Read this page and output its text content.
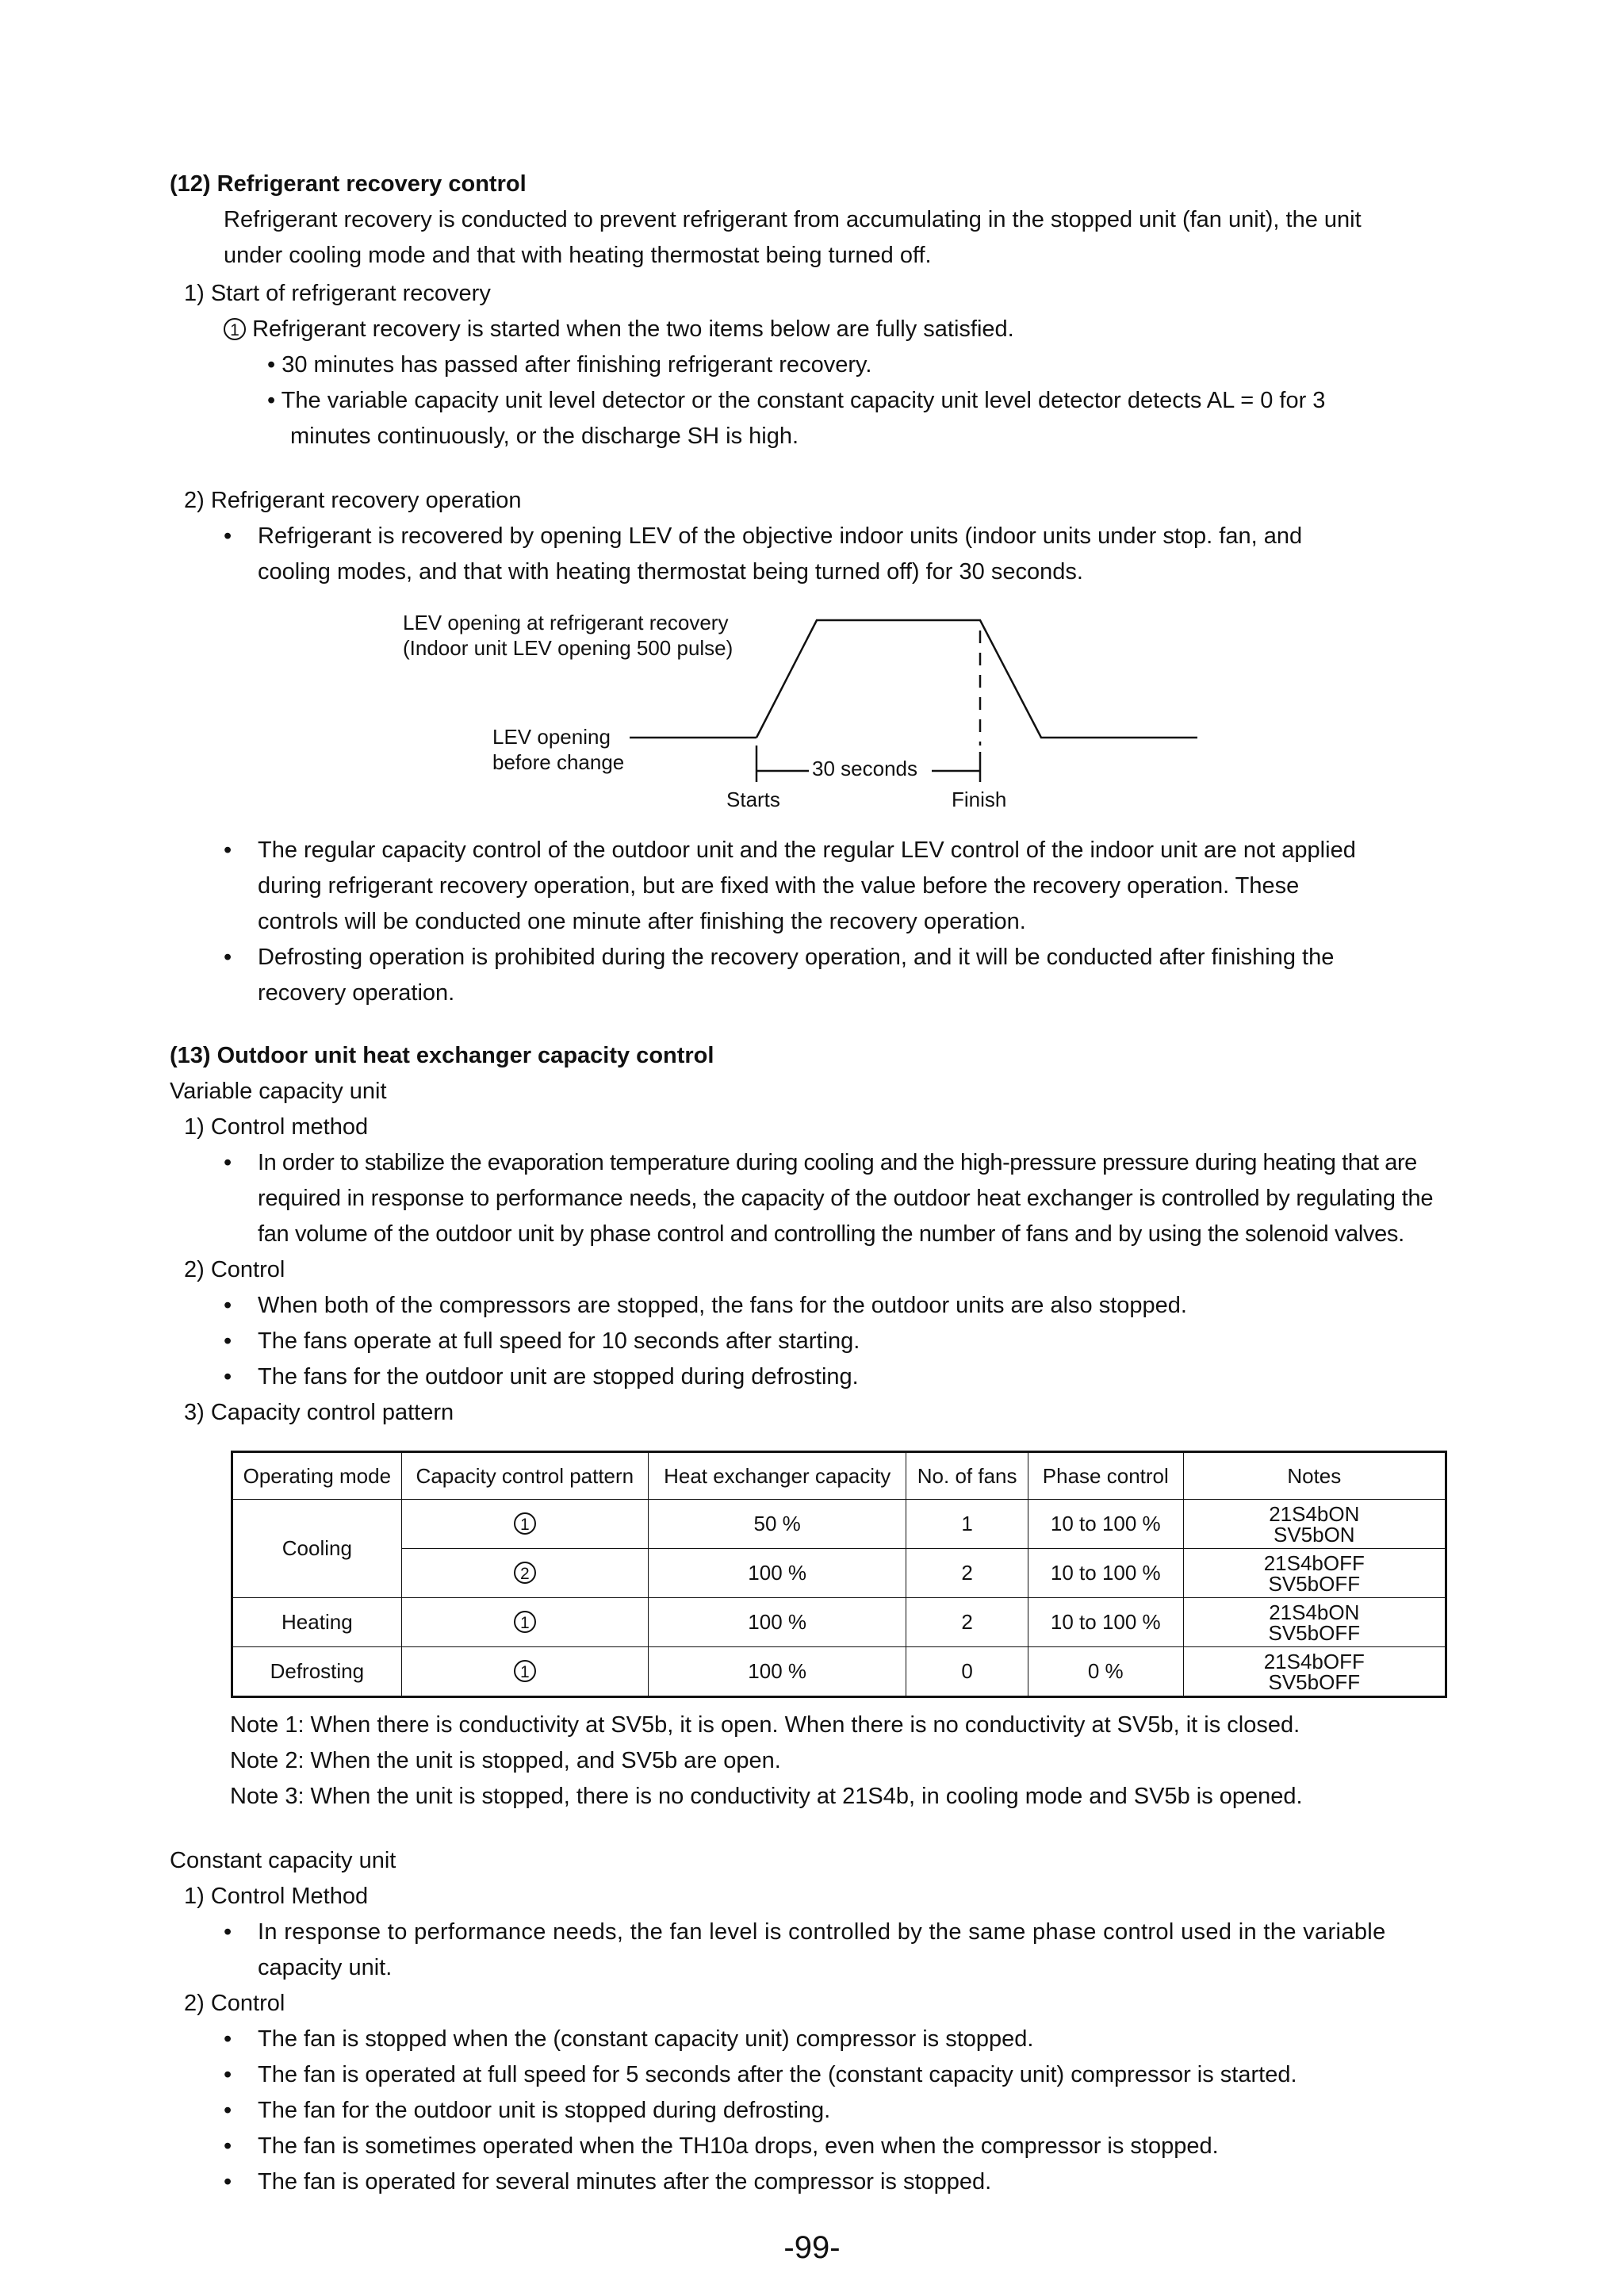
(12) Refrigerant recovery control
Refrigerant recovery is conducted to prevent refrigerant from accumulating in the stopped unit (fan unit), the unit
under cooling mode and that with heating thermostat being turned off.
1) Start of refrigerant recovery
1 Refrigerant recovery is started when the two items below are fully satisfied.
• 30 minutes has passed after finishing refrigerant recovery.
• The variable capacity unit level detector or the constant capacity unit level detector detects AL = 0 for 3
minutes continuously, or the discharge SH is high.
2) Refrigerant recovery operation
• Refrigerant is recovered by opening LEV of the objective indoor units (indoor units under stop. fan, and
cooling modes, and that with heating thermostat being turned off) for 30 seconds.
LEV opening at refrigerant recovery
(Indoor unit LEV opening 500 pulse)
LEV opening
before change	30 seconds
Starts	Finish
• The regular capacity control of the outdoor unit and the regular LEV control of the indoor unit are not applied
during refrigerant recovery operation, but are fixed with the value before the recovery operation. These
controls will be conducted one minute after finishing the recovery operation.
• Defrosting operation is prohibited during the recovery operation, and it will be conducted after finishing the
recovery operation.
(13) Outdoor unit heat exchanger capacity control
Variable capacity unit
1) Control method
• In order to stabilize the evaporation temperature during cooling and the high-pressure pressure during heating that are
required in response to performance needs, the capacity of the outdoor heat exchanger is controlled by regulating the
fan volume of the outdoor unit by phase control and controlling the number of fans and by using the solenoid valves.
2) Control
• When both of the compressors are stopped, the fans for the outdoor units are also stopped.
• The fans operate at full speed for 10 seconds after starting.
• The fans for the outdoor unit are stopped during defrosting.
3) Capacity control pattern
Operating mode	Capacity control pattern	Heat exchanger capacity	No. of fans	Phase control	Notes
Cooling	1	50 %	1	10 to 100 %	21S4bON
SV5bON
	2	100 %	2	10 to 100 %	21S4bOFF
SV5bOFF
Heating	1	100 %	2	10 to 100 %	21S4bON
SV5bOFF
Defrosting	1	100 %	0	0 %	21S4bOFF
SV5bOFF
Note 1: When there is conductivity at SV5b, it is open. When there is no conductivity at SV5b, it is closed.
Note 2: When the unit is stopped, and SV5b are open.
Note 3: When the unit is stopped, there is no conductivity at 21S4b, in cooling mode and SV5b is opened.
Constant capacity unit
1) Control Method
• In response to performance needs, the fan level is controlled by the same phase control used in the variable
capacity unit.
2) Control
• The fan is stopped when the (constant capacity unit) compressor is stopped.
• The fan is operated at full speed for 5 seconds after the (constant capacity unit) compressor is started.
• The fan for the outdoor unit is stopped during defrosting.
• The fan is sometimes operated when the TH10a drops, even when the compressor is stopped.
• The fan is operated for several minutes after the compressor is stopped.
-99-
